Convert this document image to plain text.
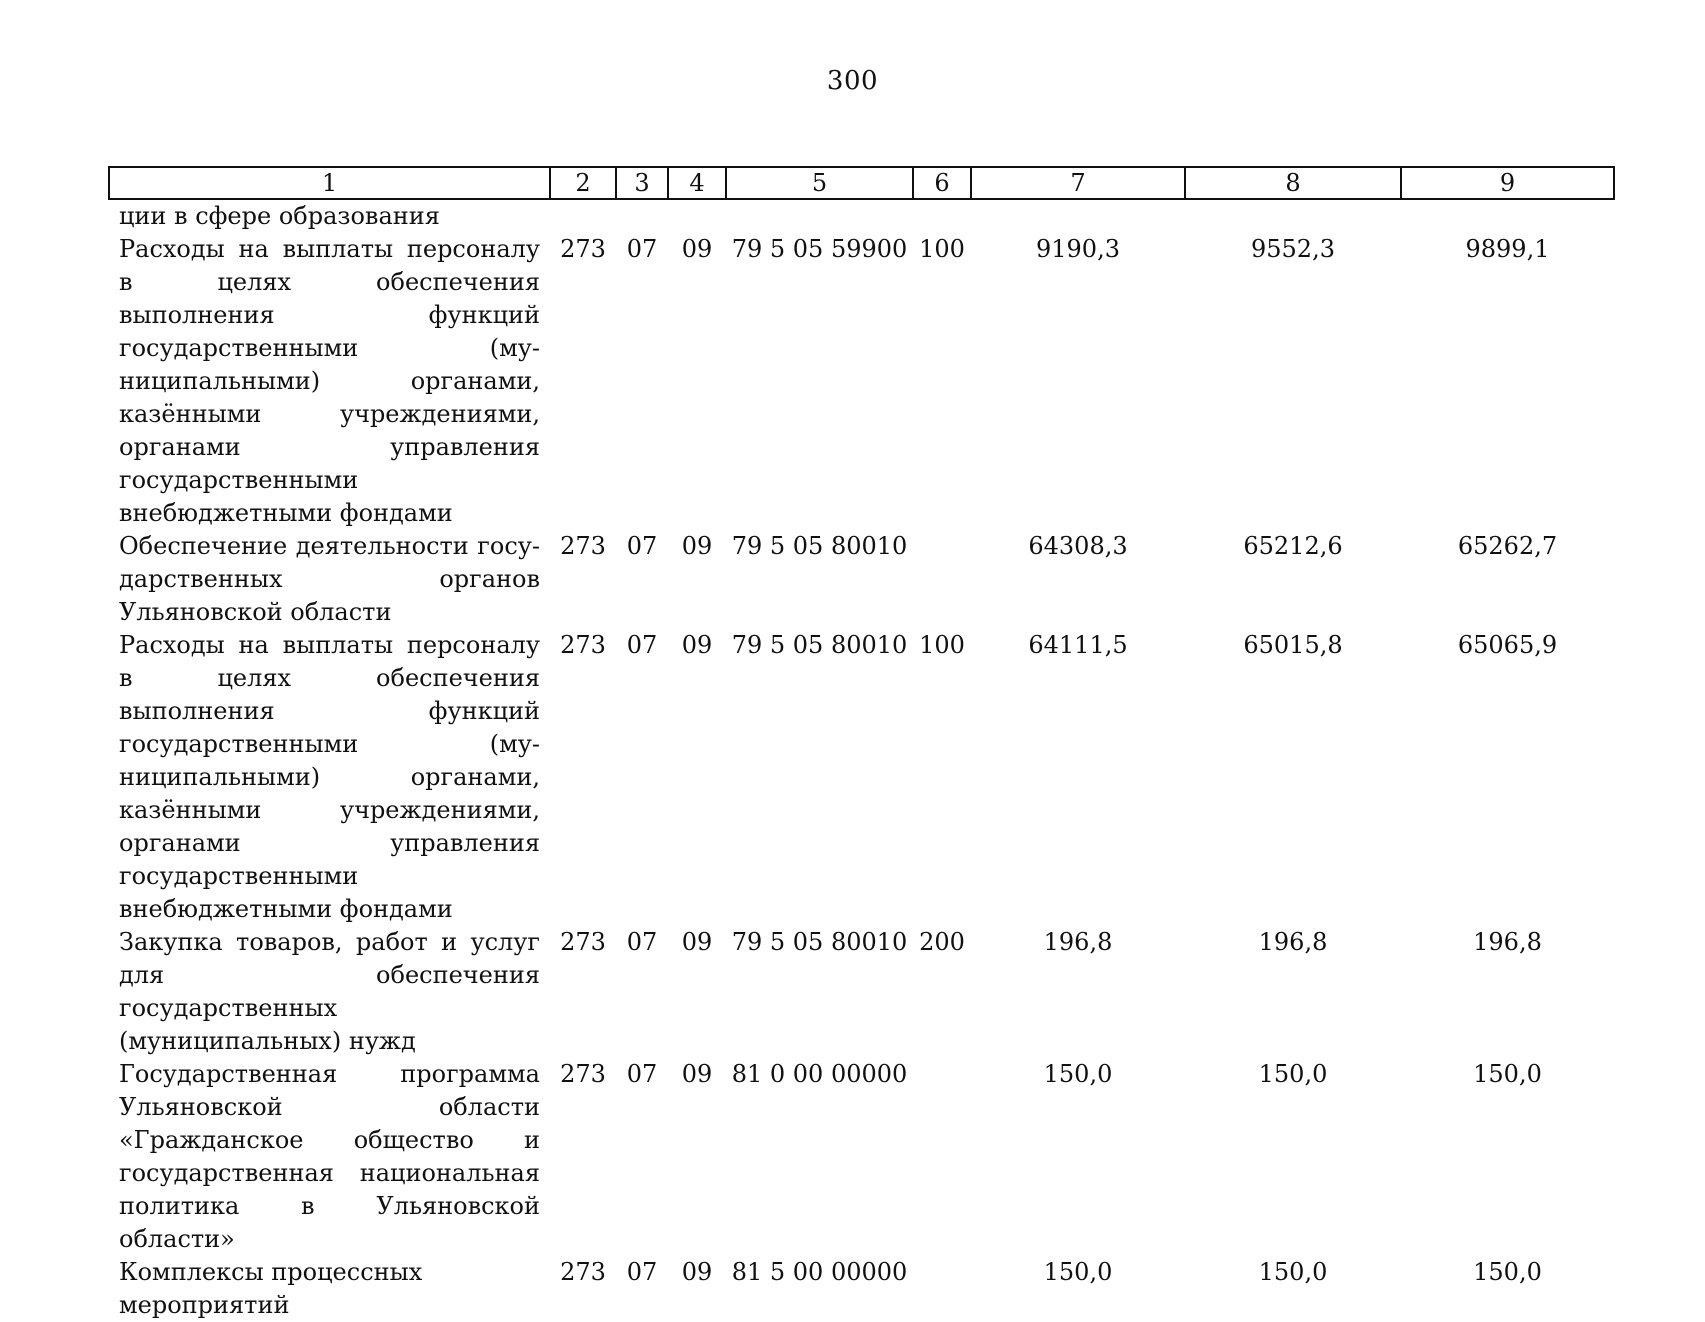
300
1	2	3	4	5	6	7	8	9
ции в сфере образования								
Расходы на выплаты персоналу в целях обеспечения выполнения функций государственными (муниципальными) органами, казёнными учреждениями, органами управления государственными внебюджетными фондами	273	07	09	79 5 05 59900	100	9190,3	9552,3	9899,1
Обеспечение деятельности государственных органов Ульяновской области	273	07	09	79 5 05 80010		64308,3	65212,6	65262,7
Расходы на выплаты персоналу в целях обеспечения выполнения функций государственными (муниципальными) органами, казёнными учреждениями, органами управления государственными внебюджетными фондами	273	07	09	79 5 05 80010	100	64111,5	65015,8	65065,9
Закупка товаров, работ и услуг для обеспечения государственных (муниципальных) нужд	273	07	09	79 5 05 80010	200	196,8	196,8	196,8
Государственная программа Ульяновской области «Гражданское общество и государственная национальная политика в Ульяновской области»	273	07	09	81 0 00 00000		150,0	150,0	150,0
Комплексы процессных мероприятий	273	07	09	81 5 00 00000		150,0	150,0	150,0
